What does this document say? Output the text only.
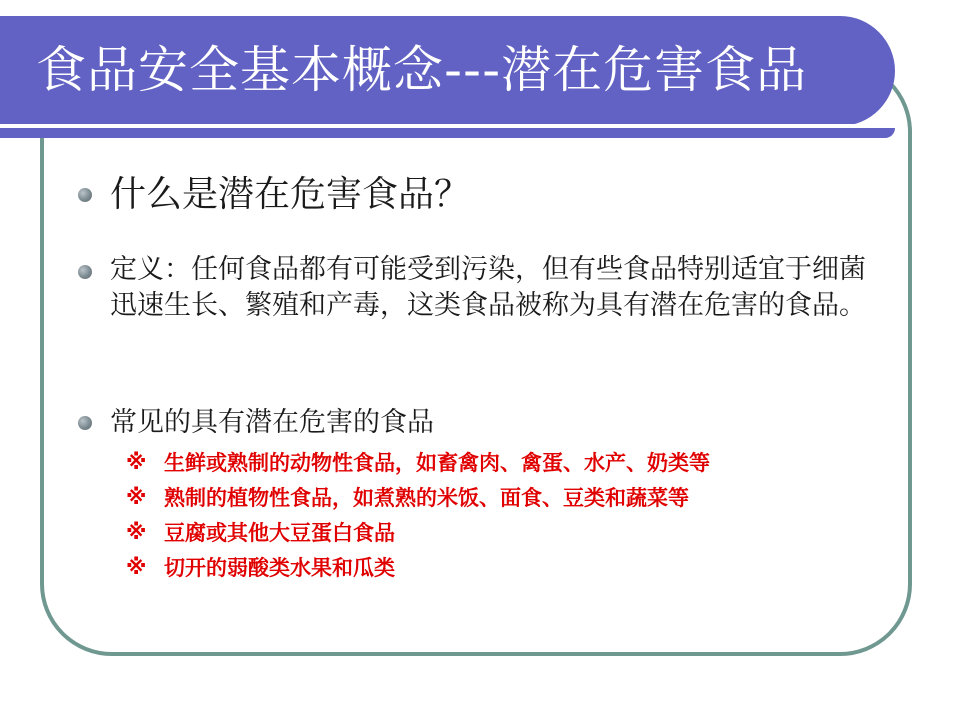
食品安全基本概念---潜在危害食品
什么是潜在危害食品？
定义：任何食品都有可能受到污染，但有些食品特别适宜于细菌迅速生长、繁殖和产毒，这类食品被称为具有潜在危害的食品。
常见的具有潜在危害的食品
※ 生鲜或熟制的动物性食品，如畜禽肉、禽蛋、水产、奶类等
※ 熟制的植物性食品，如煮熟的米饭、面食、豆类和蔬菜等
※ 豆腐或其他大豆蛋白食品
※ 切开的弱酸类水果和瓜类
